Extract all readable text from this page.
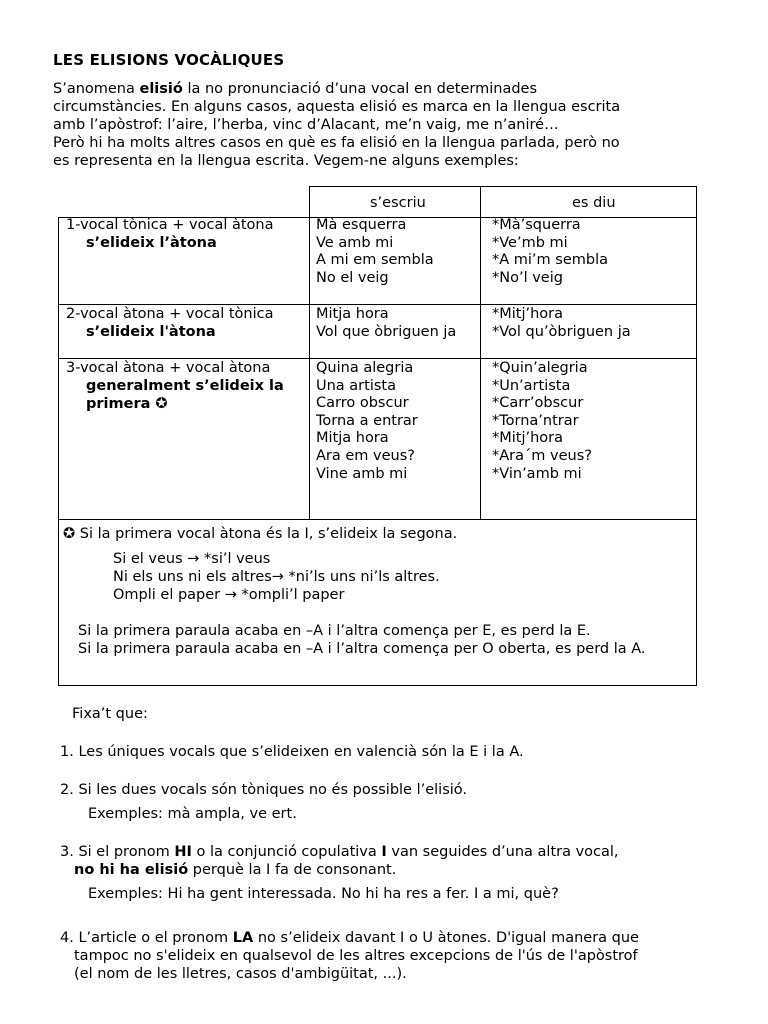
LES ELISIONS VOCÀLIQUES
S’anomena elisió la no pronunciació d’una vocal en determinades
circumstàncies. En alguns casos, aquesta elisió es marca en la llengua escrita
amb l’apòstrof: l’aire, l’herba, vinc d’Alacant, me’n vaig, me n’aniré…
Però hi ha molts altres casos en què es fa elisió en la llengua parlada, però no
es representa en la llengua escrita. Vegem-ne alguns exemples:
s’escriu	es diu
1-vocal tònica + vocal àtona
s’elideix l’àtona
Mà esquerra
Ve amb mi
A mi em sembla
No el veig
*Mà’squerra
*Ve’mb mi
*A mi’m sembla
*No’l veig
2-vocal àtona + vocal tònica
s’elideix l'àtona
Mitja hora
Vol que òbriguen ja
*Mitj’hora
*Vol qu’òbriguen ja
3-vocal àtona + vocal àtona
generalment s’elideix la
primera ✪
Quina alegria
Una artista
Carro obscur
Torna a entrar
Mitja hora
Ara em veus?
Vine amb mi
*Quin’alegria
*Un’artista
*Carr’obscur
*Torna’ntrar
*Mitj’hora
*Ara´m veus?
*Vin’amb mi
✪ Si la primera vocal àtona és la I, s’elideix la segona.
Si el veus → *si’l veus
Ni els uns ni els altres→ *ni’ls uns ni’ls altres.
Ompli el paper → *ompli’l paper
Si la primera paraula acaba en –A i l’altra comença per E, es perd la E.
Si la primera paraula acaba en –A i l’altra comença per O oberta, es perd la A.
Fixa’t que:
1. Les úniques vocals que s’elideixen en valencià són la E i la A.
2. Si les dues vocals són tòniques no és possible l’elisió.
Exemples: mà ampla, ve ert.
3. Si el pronom HI o la conjunció copulativa I van seguides d’una altra vocal,
no hi ha elisió perquè la I fa de consonant.
Exemples: Hi ha gent interessada. No hi ha res a fer. I a mi, què?
4. L’article o el pronom LA no s’elideix davant I o U àtones. D'igual manera que
tampoc no s'elideix en qualsevol de les altres excepcions de l'ús de l'apòstrof
(el nom de les lletres, casos d'ambigüitat, ...).
